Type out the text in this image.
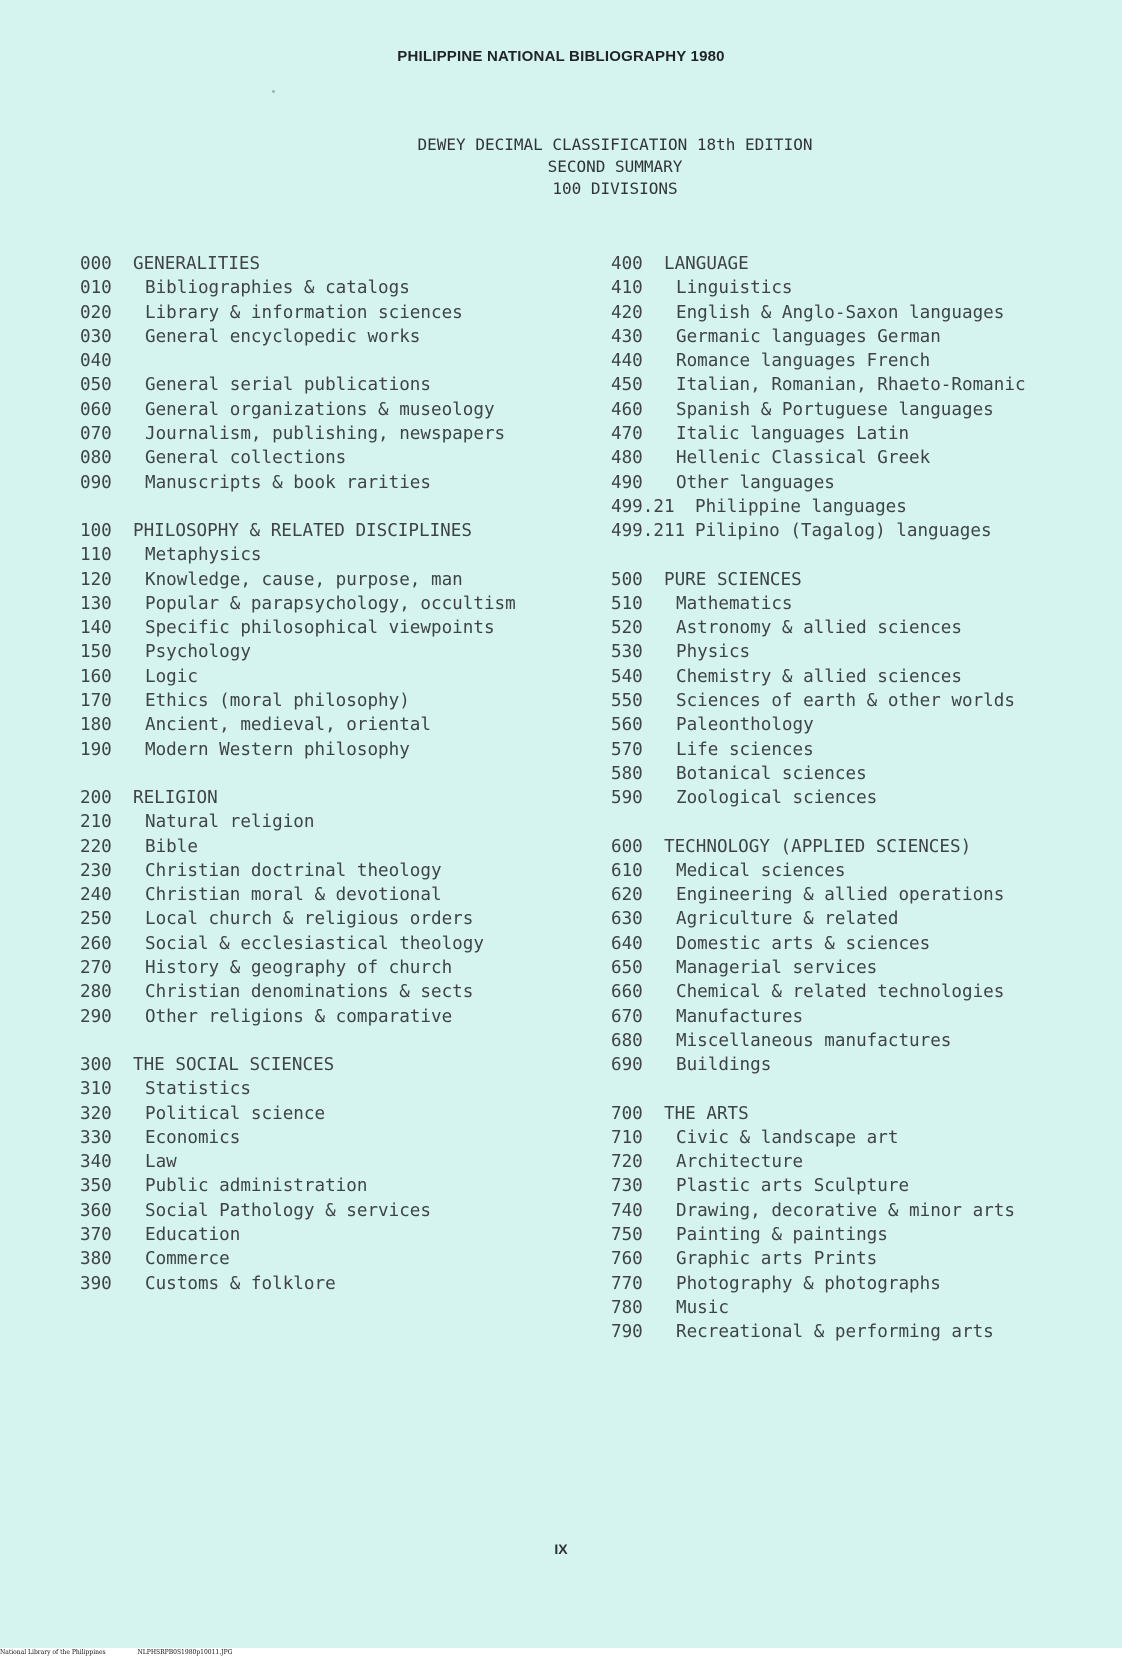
PHILIPPINE NATIONAL BIBLIOGRAPHY 1980
DEWEY DECIMAL CLASSIFICATION 18th EDITION
SECOND SUMMARY
100 DIVISIONS
000	GENERALITIES
010	Bibliographies & catalogs
020	Library & information sciences
030	General encyclopedic works
040
050	General serial publications
060	General organizations & museology
070	Journalism, publishing, newspapers
080	General collections
090	Manuscripts & book rarities
100	PHILOSOPHY & RELATED DISCIPLINES
110	Metaphysics
120	Knowledge, cause, purpose, man
130	Popular & parapsychology, occultism
140	Specific philosophical viewpoints
150	Psychology
160	Logic
170	Ethics (moral philosophy)
180	Ancient, medieval, oriental
190	Modern Western philosophy
200	RELIGION
210	Natural religion
220	Bible
230	Christian doctrinal theology
240	Christian moral & devotional
250	Local church & religious orders
260	Social & ecclesiastical theology
270	History & geography of church
280	Christian denominations & sects
290	Other religions & comparative
300	THE SOCIAL SCIENCES
310	Statistics
320	Political science
330	Economics
340	Law
350	Public administration
360	Social Pathology & services
370	Education
380	Commerce
390	Customs & folklore
400	LANGUAGE
410	Linguistics
420	English & Anglo-Saxon languages
430	Germanic languages German
440	Romance languages French
450	Italian, Romanian, Rhaeto-Romanic
460	Spanish & Portuguese languages
470	Italic languages Latin
480	Hellenic Classical Greek
490	Other languages
499.21	Philippine languages
499.211 Pilipino (Tagalog) languages
500	PURE SCIENCES
510	Mathematics
520	Astronomy & allied sciences
530	Physics
540	Chemistry & allied sciences
550	Sciences of earth & other worlds
560	Paleonthology
570	Life sciences
580	Botanical sciences
590	Zoological sciences
600	TECHNOLOGY (APPLIED SCIENCES)
610	Medical sciences
620	Engineering & allied operations
630	Agriculture & related
640	Domestic arts & sciences
650	Managerial services
660	Chemical & related technologies
670	Manufactures
680	Miscellaneous manufactures
690	Buildings
700	THE ARTS
710	Civic & landscape art
720	Architecture
730	Plastic arts Sculpture
740	Drawing, decorative & minor arts
750	Painting & paintings
760	Graphic arts Prints
770	Photography & photographs
780	Music
790	Recreational & performing arts
IX
National Library of the Philippines	NLPHSRPB0S1980p10011.JPG
